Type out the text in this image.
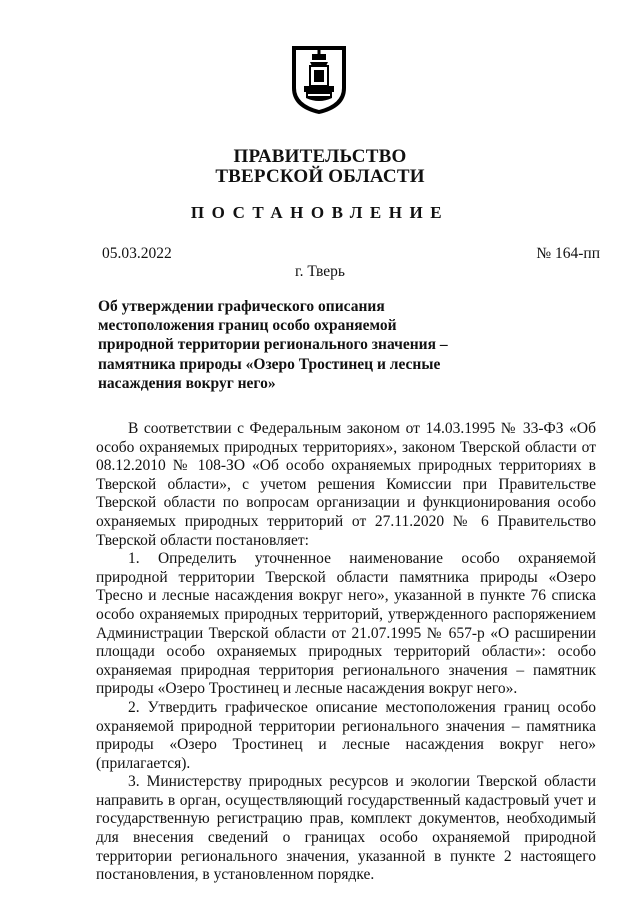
ПРАВИТЕЛЬСТВО
ТВЕРСКОЙ ОБЛАСТИ
ПОСТАНОВЛЕНИЕ
05.03.2022	№ 164-пп
г. Тверь
Об утверждении графического описания
местоположения границ особо охраняемой
природной территории регионального значения –
памятника природы «Озеро Тростинец и лесные
насаждения вокруг него»

В соответствии с Федеральным законом от 14.03.1995 № 33-ФЗ «Об особо охраняемых природных территориях», законом Тверской области от 08.12.2010 № 108-ЗО «Об особо охраняемых природных территориях в Тверской области», с учетом решения Комиссии при Правительстве Тверской области по вопросам организации и функционирования особо охраняемых природных территорий от 27.11.2020 № 6 Правительство Тверской области постановляет:

1. Определить уточненное наименование особо охраняемой природной территории Тверской области памятника природы «Озеро Тресно и лесные насаждения вокруг него», указанной в пункте 76 списка особо охраняемых природных территорий, утвержденного распоряжением Администрации Тверской области от 21.07.1995 № 657-р «О расширении площади особо охраняемых природных территорий области»: особо охраняемая природная территория регионального значения – памятник природы «Озеро Тростинец и лесные насаждения вокруг него».

2. Утвердить графическое описание местоположения границ особо охраняемой природной территории регионального значения – памятника природы «Озеро Тростинец и лесные насаждения вокруг него» (прилагается).

3. Министерству природных ресурсов и экологии Тверской области направить в орган, осуществляющий государственный кадастровый учет и государственную регистрацию прав, комплект документов, необходимый для внесения сведений о границах особо охраняемой природной территории регионального значения, указанной в пункте 2 настоящего постановления, в установленном порядке.
